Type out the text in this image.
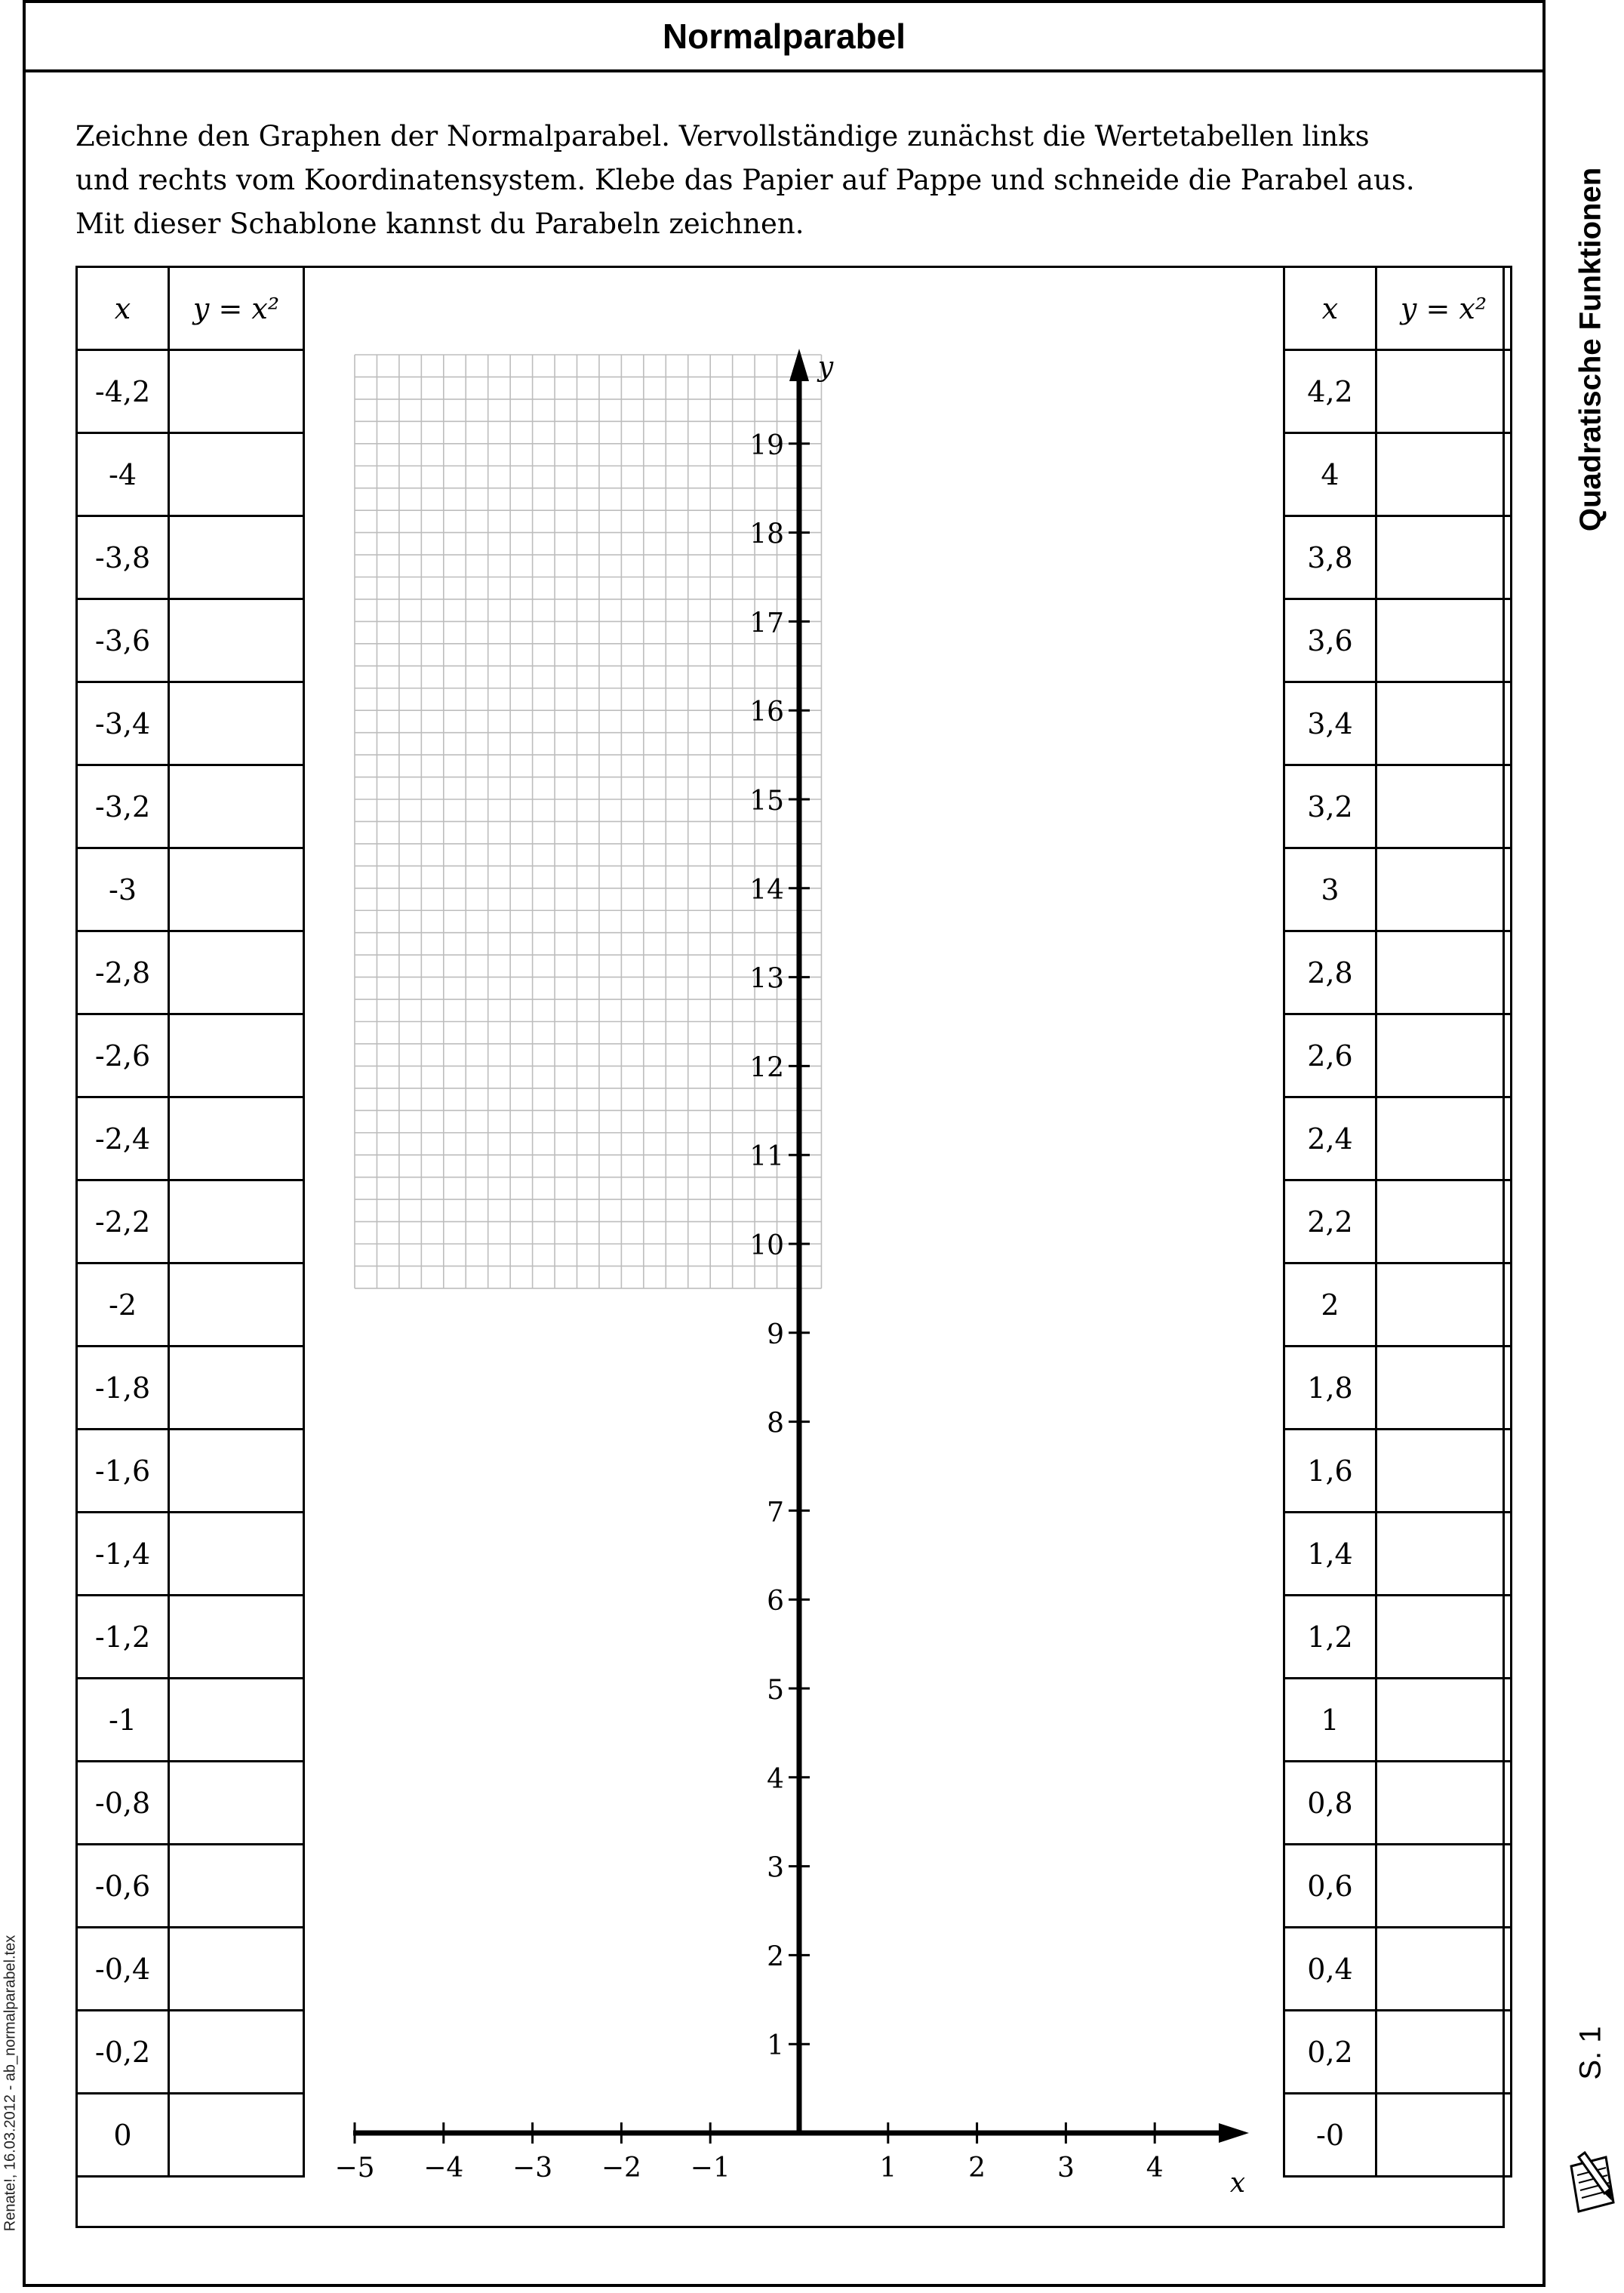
Normalparabel
Zeichne den Graphen der Normalparabel. Vervollständige zunächst die Wertetabellen links
und rechts vom Koordinatensystem. Klebe das Papier auf Pappe und schneide die Parabel aus.
Mit dieser Schablone kannst du Parabeln zeichnen.
x	y = x²
-4,2	
-4	
-3,8	
-3,6	
-3,4	
-3,2	
-3	
-2,8	
-2,6	
-2,4	
-2,2	
-2	
-1,8	
-1,6	
-1,4	
-1,2	
-1	
-0,8	
-0,6	
-0,4	
-0,2	
0	
x	y = x²
4,2	
4	
3,8	
3,6	
3,4	
3,2	
3	
2,8	
2,6	
2,4	
2,2	
2	
1,8	
1,6	
1,4	
1,2	
1	
0,8	
0,6	
0,4	
0,2	
-0	
−5 −4 −3 −2 −1	1	2	3	4
1
2
3
4
5
6
7
8
9
10
11
12
13
14
15
16
17
18
19
x
y	Quadratische Funktionen
S. 1
Renate!, 16.03.2012 - ab_normalparabel.tex
